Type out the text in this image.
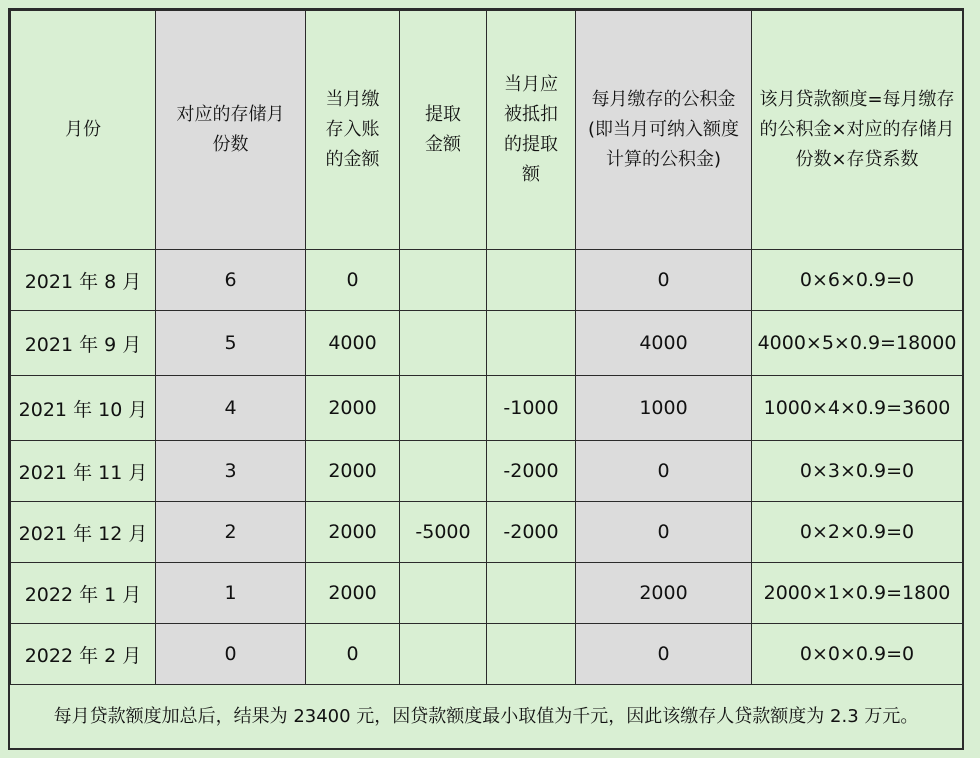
月份	对应的存储月份数	当月缴存入账的金额	提取金额	当月应被抵扣的提取额	每月缴存的公积金 (即当月可纳入额度计算的公积金)	该月贷款额度=每月缴存的公积金×对应的存储月份数×存贷系数
2021 年 8 月	6	0			0	0×6×0.9=0
2021 年 9 月	5	4000			4000	4000×5×0.9=18000
2021 年 10 月	4	2000		-1000	1000	1000×4×0.9=3600
2021 年 11 月	3	2000		-2000	0	0×3×0.9=0
2021 年 12 月	2	2000	-5000	-2000	0	0×2×0.9=0
2022 年 1 月	1	2000			2000	2000×1×0.9=1800
2022 年 2 月	0	0			0	0×0×0.9=0
每月贷款额度加总后，结果为 23400 元，因贷款额度最小取值为千元，因此该缴存人贷款额度为 2.3 万元。
